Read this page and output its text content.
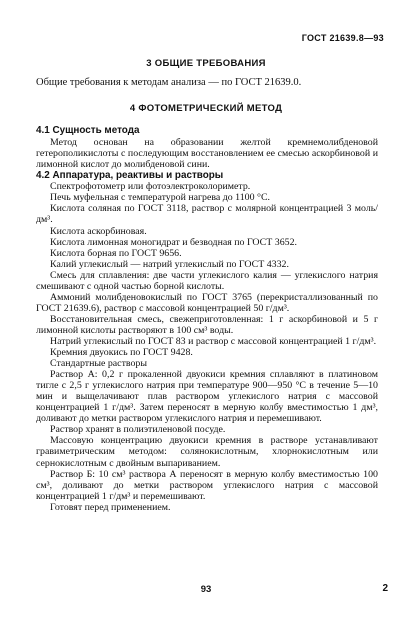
ГОСТ 21639.8—93
3 ОБЩИЕ ТРЕБОВАНИЯ
Общие требования к методам анализа — по ГОСТ 21639.0.
4 ФОТОМЕТРИЧЕСКИЙ МЕТОД

4.1 Сущность метода

Метод основан на образовании желтой кремнемолибденовой гетерополикислоты с последующим восстановлением ее смесью аскорбиновой и лимонной кислот до молибденовой сини.

4.2 Аппаратура, реактивы и растворы

Спектрофотометр или фотоэлектроколориметр.

Печь муфельная с температурой нагрева до 1100 °С.

Кислота соляная по ГОСТ 3118, раствор с молярной концентрацией 3 моль/дм³.

Кислота аскорбиновая.

Кислота лимонная моногидрат и безводная по ГОСТ 3652.

Кислота борная по ГОСТ 9656.

Калий углекислый — натрий углекислый по ГОСТ 4332.

Смесь для сплавления: две части углекислого калия — углекислого натрия смешивают с одной частью борной кислоты.

Аммоний молибденовокислый по ГОСТ 3765 (перекристаллизованный по ГОСТ 21639.6), раствор с массовой концентрацией 50 г/дм³.

Восстановительная смесь, свежеприготовленная: 1 г аскорбиновой и 5 г лимонной кислоты растворяют в 100 см³ воды.

Натрий углекислый по ГОСТ 83 и раствор с массовой концентрацией 1 г/дм³.

Кремния двуокись по ГОСТ 9428.

Стандартные растворы

Раствор А: 0,2 г прокаленной двуокиси кремния сплавляют в платиновом тигле с 2,5 г углекислого натрия при температуре 900—950 °С в течение 5—10 мин и выщелачивают плав раствором углекислого натрия с массовой концентрацией 1 г/дм³. Затем переносят в мерную колбу вместимостью 1 дм³, доливают до метки раствором углекислого натрия и перемешивают.

Раствор хранят в полиэтиленовой посуде.

Массовую концентрацию двуокиси кремния в растворе устанавливают гравиметрическим методом: солянокислотным, хлорнокислотным или сернокислотным с двойным выпариванием.

Раствор Б: 10 см³ раствора А переносят в мерную колбу вместимостью 100 см³, доливают до метки раствором углекислого натрия с массовой концентрацией 1 г/дм³ и перемешивают.

Готовят перед применением.

93	2
